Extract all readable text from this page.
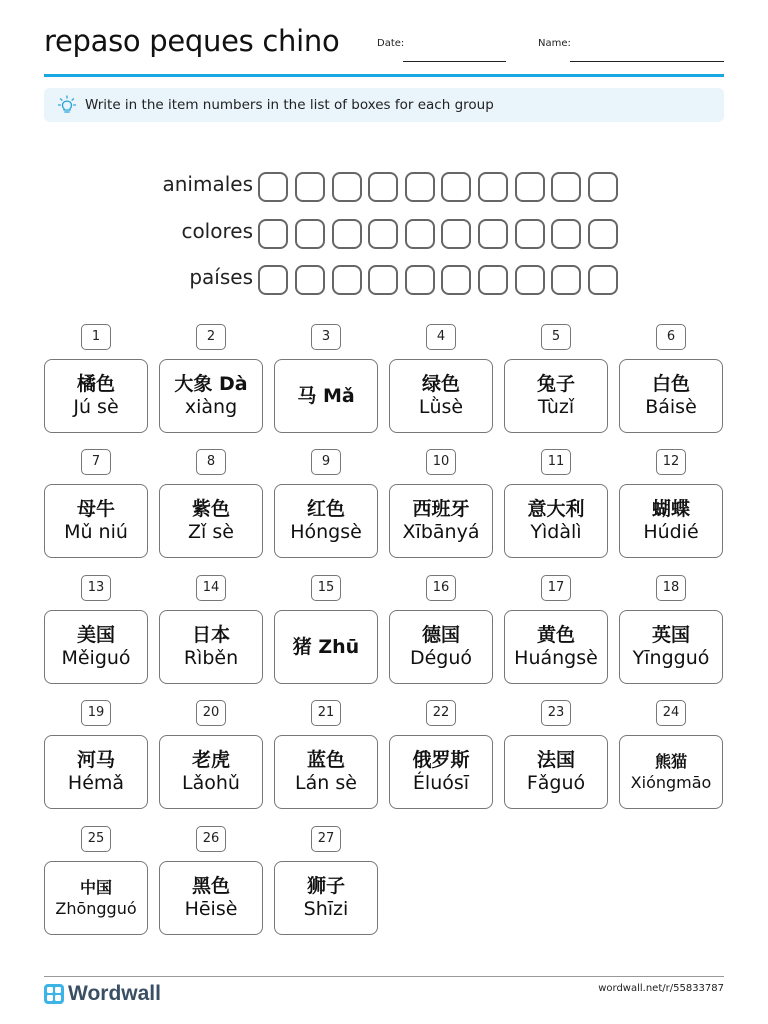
repaso peques chino	Date:	Name:
Write in the item numbers in the list of boxes for each group
animales
colores
países
1
橘色
Jú sè
2
大象 Dà
xiàng
3
马 Mǎ
4
绿色
Lǜsè
5
兔子
Tùzǐ
6
白色
Báisè
7
母牛
Mǔ niú
8
紫色
Zǐ sè
9
红色
Hóngsè
10
西班牙
Xībānyá
11
意大利
Yìdàlì
12
蝴蝶
Húdié
13
美国
Měiguó
14
日本
Rìběn
15
猪 Zhū
16
德国
Déguó
17
黄色
Huángsè
18
英国
Yīngguó
19
河马
Hémǎ
20
老虎
Lǎohǔ
21
蓝色
Lán sè
22
俄罗斯
Éluósī
23
法国
Fǎguó
24
熊猫
Xióngmāo
25
中国
Zhōngguó
26
黑色
Hēisè
27
狮子
Shīzi
Wordwall	wordwall.net/r/55833787
